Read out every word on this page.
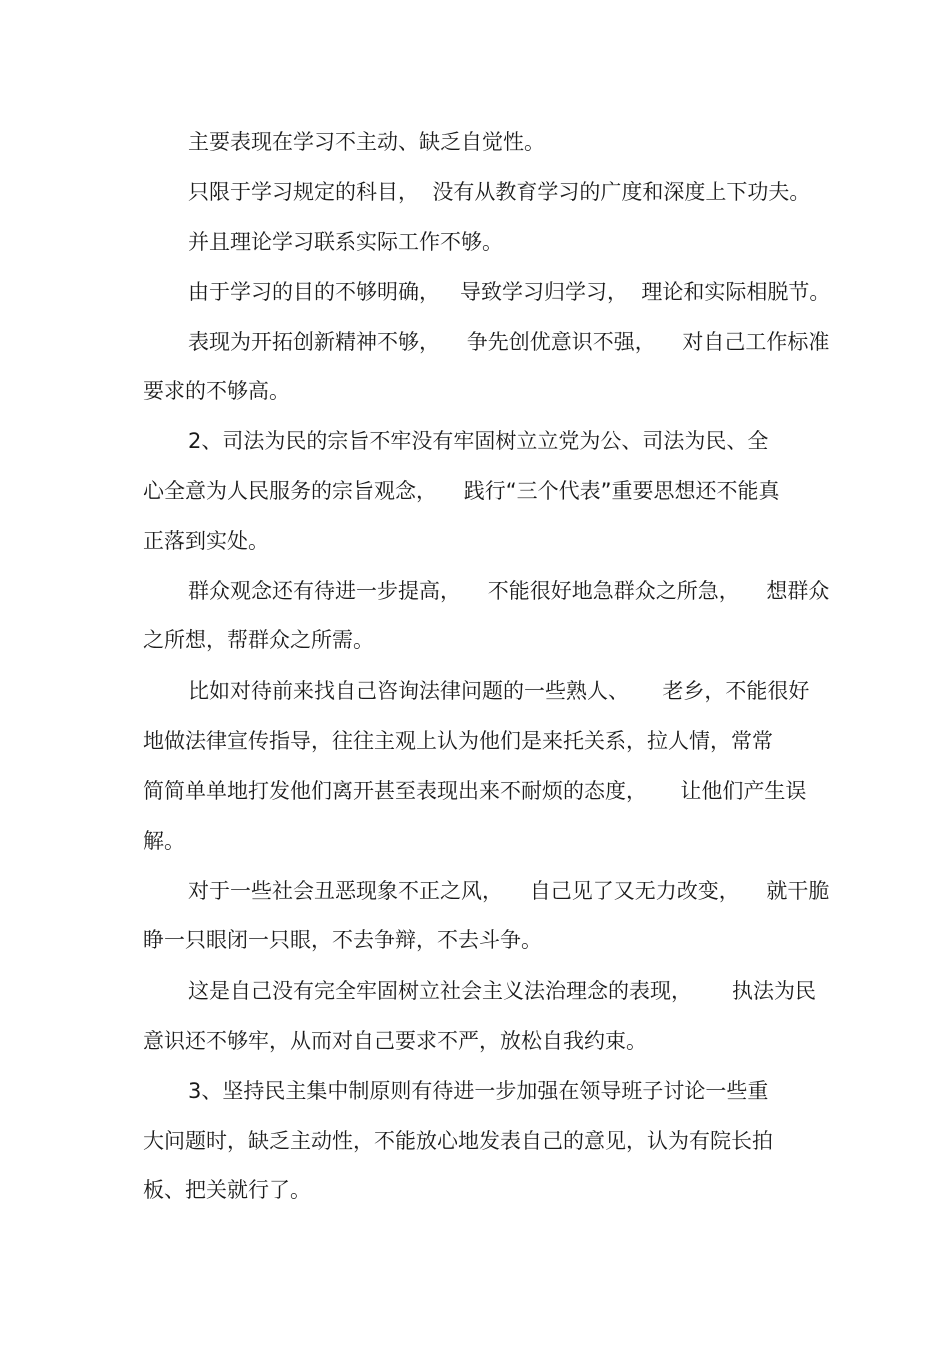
主要表现在学习不主动、缺乏自觉性。

只限于学习规定的科目，  没有从教育学习的广度和深度上下功夫。

并且理论学习联系实际工作不够。

由于学习的目的不够明确，   导致学习归学习，  理论和实际相脱节。

表现为开拓创新精神不够，    争先创优意识不强，    对自己工作标准

要求的不够高。

2、司法为民的宗旨不牢没有牢固树立立党为公、司法为民、全

心全意为人民服务的宗旨观念，    践行“三个代表”重要思想还不能真

正落到实处。

群众观念还有待进一步提高，    不能很好地急群众之所急，    想群众

之所想，帮群众之所需。

比如对待前来找自己咨询法律问题的一些熟人、     老乡，不能很好

地做法律宣传指导，往往主观上认为他们是来托关系，拉人情，常常

简简单单地打发他们离开甚至表现出来不耐烦的态度，     让他们产生误

解。

对于一些社会丑恶现象不正之风，    自己见了又无力改变，    就干脆

睁一只眼闭一只眼，不去争辩，不去斗争。

这是自己没有完全牢固树立社会主义法治理念的表现，      执法为民

意识还不够牢，从而对自己要求不严，放松自我约束。

3、坚持民主集中制原则有待进一步加强在领导班子讨论一些重

大问题时，缺乏主动性，不能放心地发表自己的意见，认为有院长拍

板、把关就行了。
